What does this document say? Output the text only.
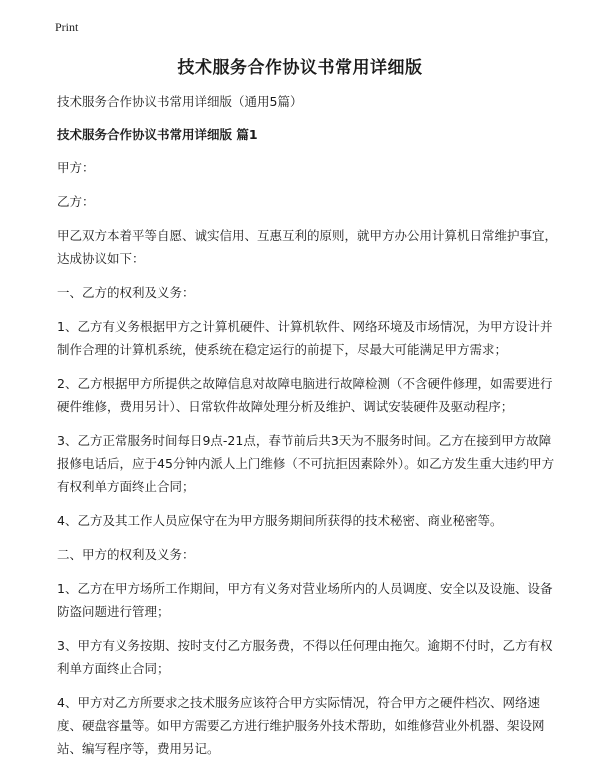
Print
技术服务合作协议书常用详细版

技术服务合作协议书常用详细版（通用5篇）

技术服务合作协议书常用详细版 篇1

甲方：

乙方：

甲乙双方本着平等自愿、诚实信用、互惠互利的原则，就甲方办公用计算机日常维护事宜，达成协议如下：

一、乙方的权利及义务：

1、乙方有义务根据甲方之计算机硬件、计算机软件、网络环境及市场情况，为甲方设计并制作合理的计算机系统，使系统在稳定运行的前提下，尽最大可能满足甲方需求；

2、乙方根据甲方所提供之故障信息对故障电脑进行故障检测（不含硬件修理，如需要进行硬件维修，费用另计）、日常软件故障处理分析及维护、调试安装硬件及驱动程序；

3、乙方正常服务时间每日9点-21点，春节前后共3天为不服务时间。乙方在接到甲方故障报修电话后，应于45分钟内派人上门维修（不可抗拒因素除外）。如乙方发生重大违约甲方有权利单方面终止合同；

4、乙方及其工作人员应保守在为甲方服务期间所获得的技术秘密、商业秘密等。

二、甲方的权利及义务：

1、乙方在甲方场所工作期间，甲方有义务对营业场所内的人员调度、安全以及设施、设备防盗问题进行管理；

3、甲方有义务按期、按时支付乙方服务费，不得以任何理由拖欠。逾期不付时，乙方有权利单方面终止合同；

4、甲方对乙方所要求之技术服务应该符合甲方实际情况，符合甲方之硬件档次、网络速度、硬盘容量等。如甲方需要乙方进行维护服务外技术帮助，如维修营业外机器、架设网站、编写程序等，费用另记。
